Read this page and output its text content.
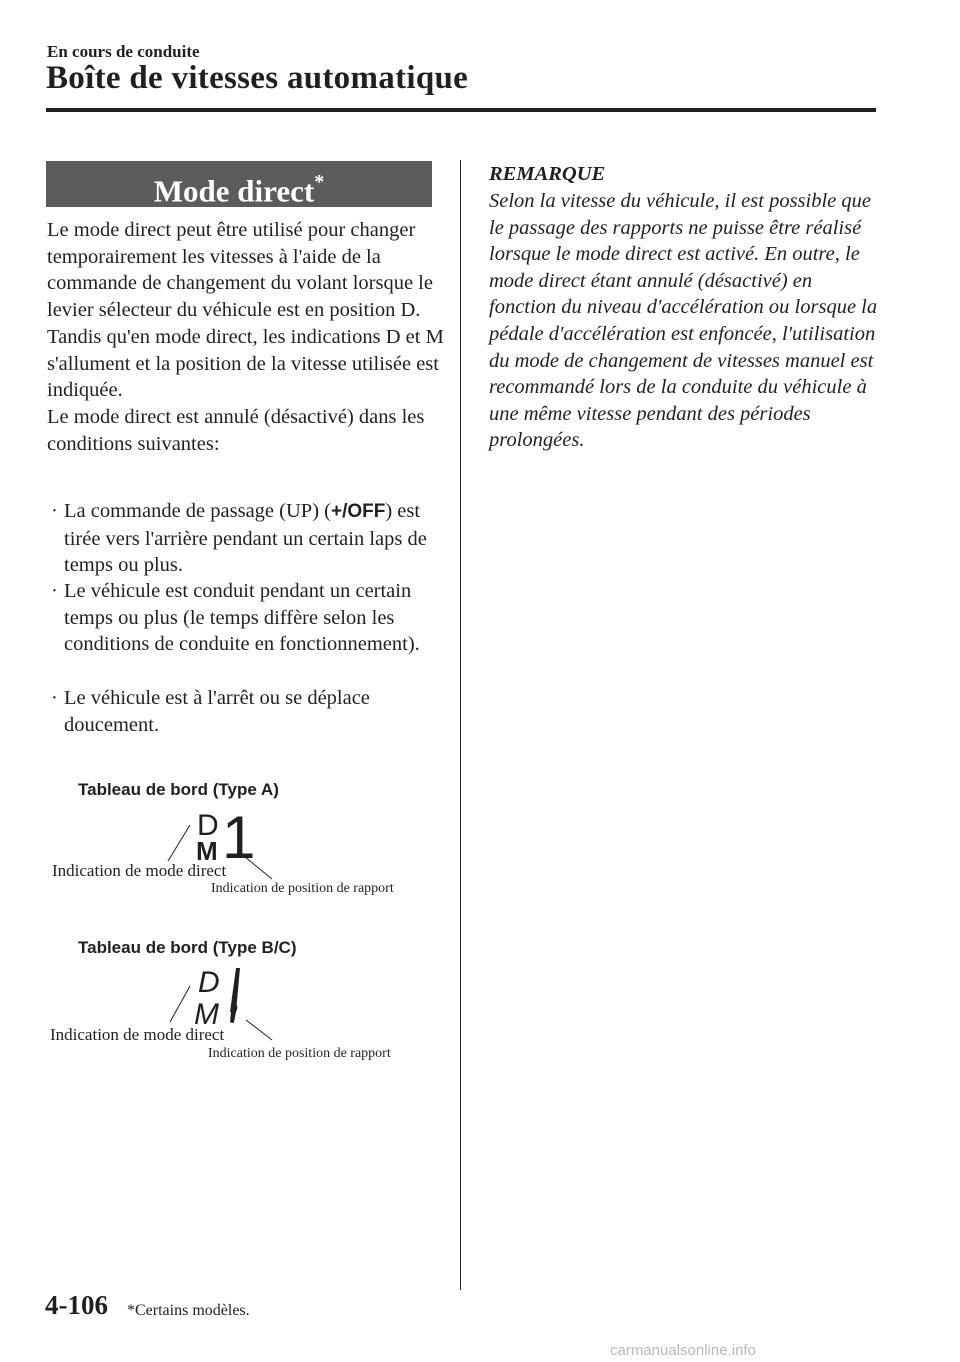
En cours de conduite
Boîte de vitesses automatique
Mode direct*
Le mode direct peut être utilisé pour changer temporairement les vitesses à l'aide de la commande de changement du volant lorsque le levier sélecteur du véhicule est en position D.
Tandis qu'en mode direct, les indications D et M s'allument et la position de la vitesse utilisée est indiquée.
Le mode direct est annulé (désactivé) dans les conditions suivantes:
· La commande de passage (UP) (+/OFF) est tirée vers l'arrière pendant un certain laps de temps ou plus.
· Le véhicule est conduit pendant un certain temps ou plus (le temps diffère selon les conditions de conduite en fonctionnement).
· Le véhicule est à l'arrêt ou se déplace doucement.
Tableau de bord (Type A)
D
M 1
Indication de mode direct
Indication de position de rapport
Tableau de bord (Type B/C)
D
M
Indication de mode direct
Indication de position de rapport
REMARQUE
Selon la vitesse du véhicule, il est possible que le passage des rapports ne puisse être réalisé lorsque le mode direct est activé. En outre, le mode direct étant annulé (désactivé) en fonction du niveau d'accélération ou lorsque la pédale d'accélération est enfoncée, l'utilisation du mode de changement de vitesses manuel est recommandé lors de la conduite du véhicule à une même vitesse pendant des périodes prolongées.
4-106 *Certains modèles.
carmanualsonline.info
